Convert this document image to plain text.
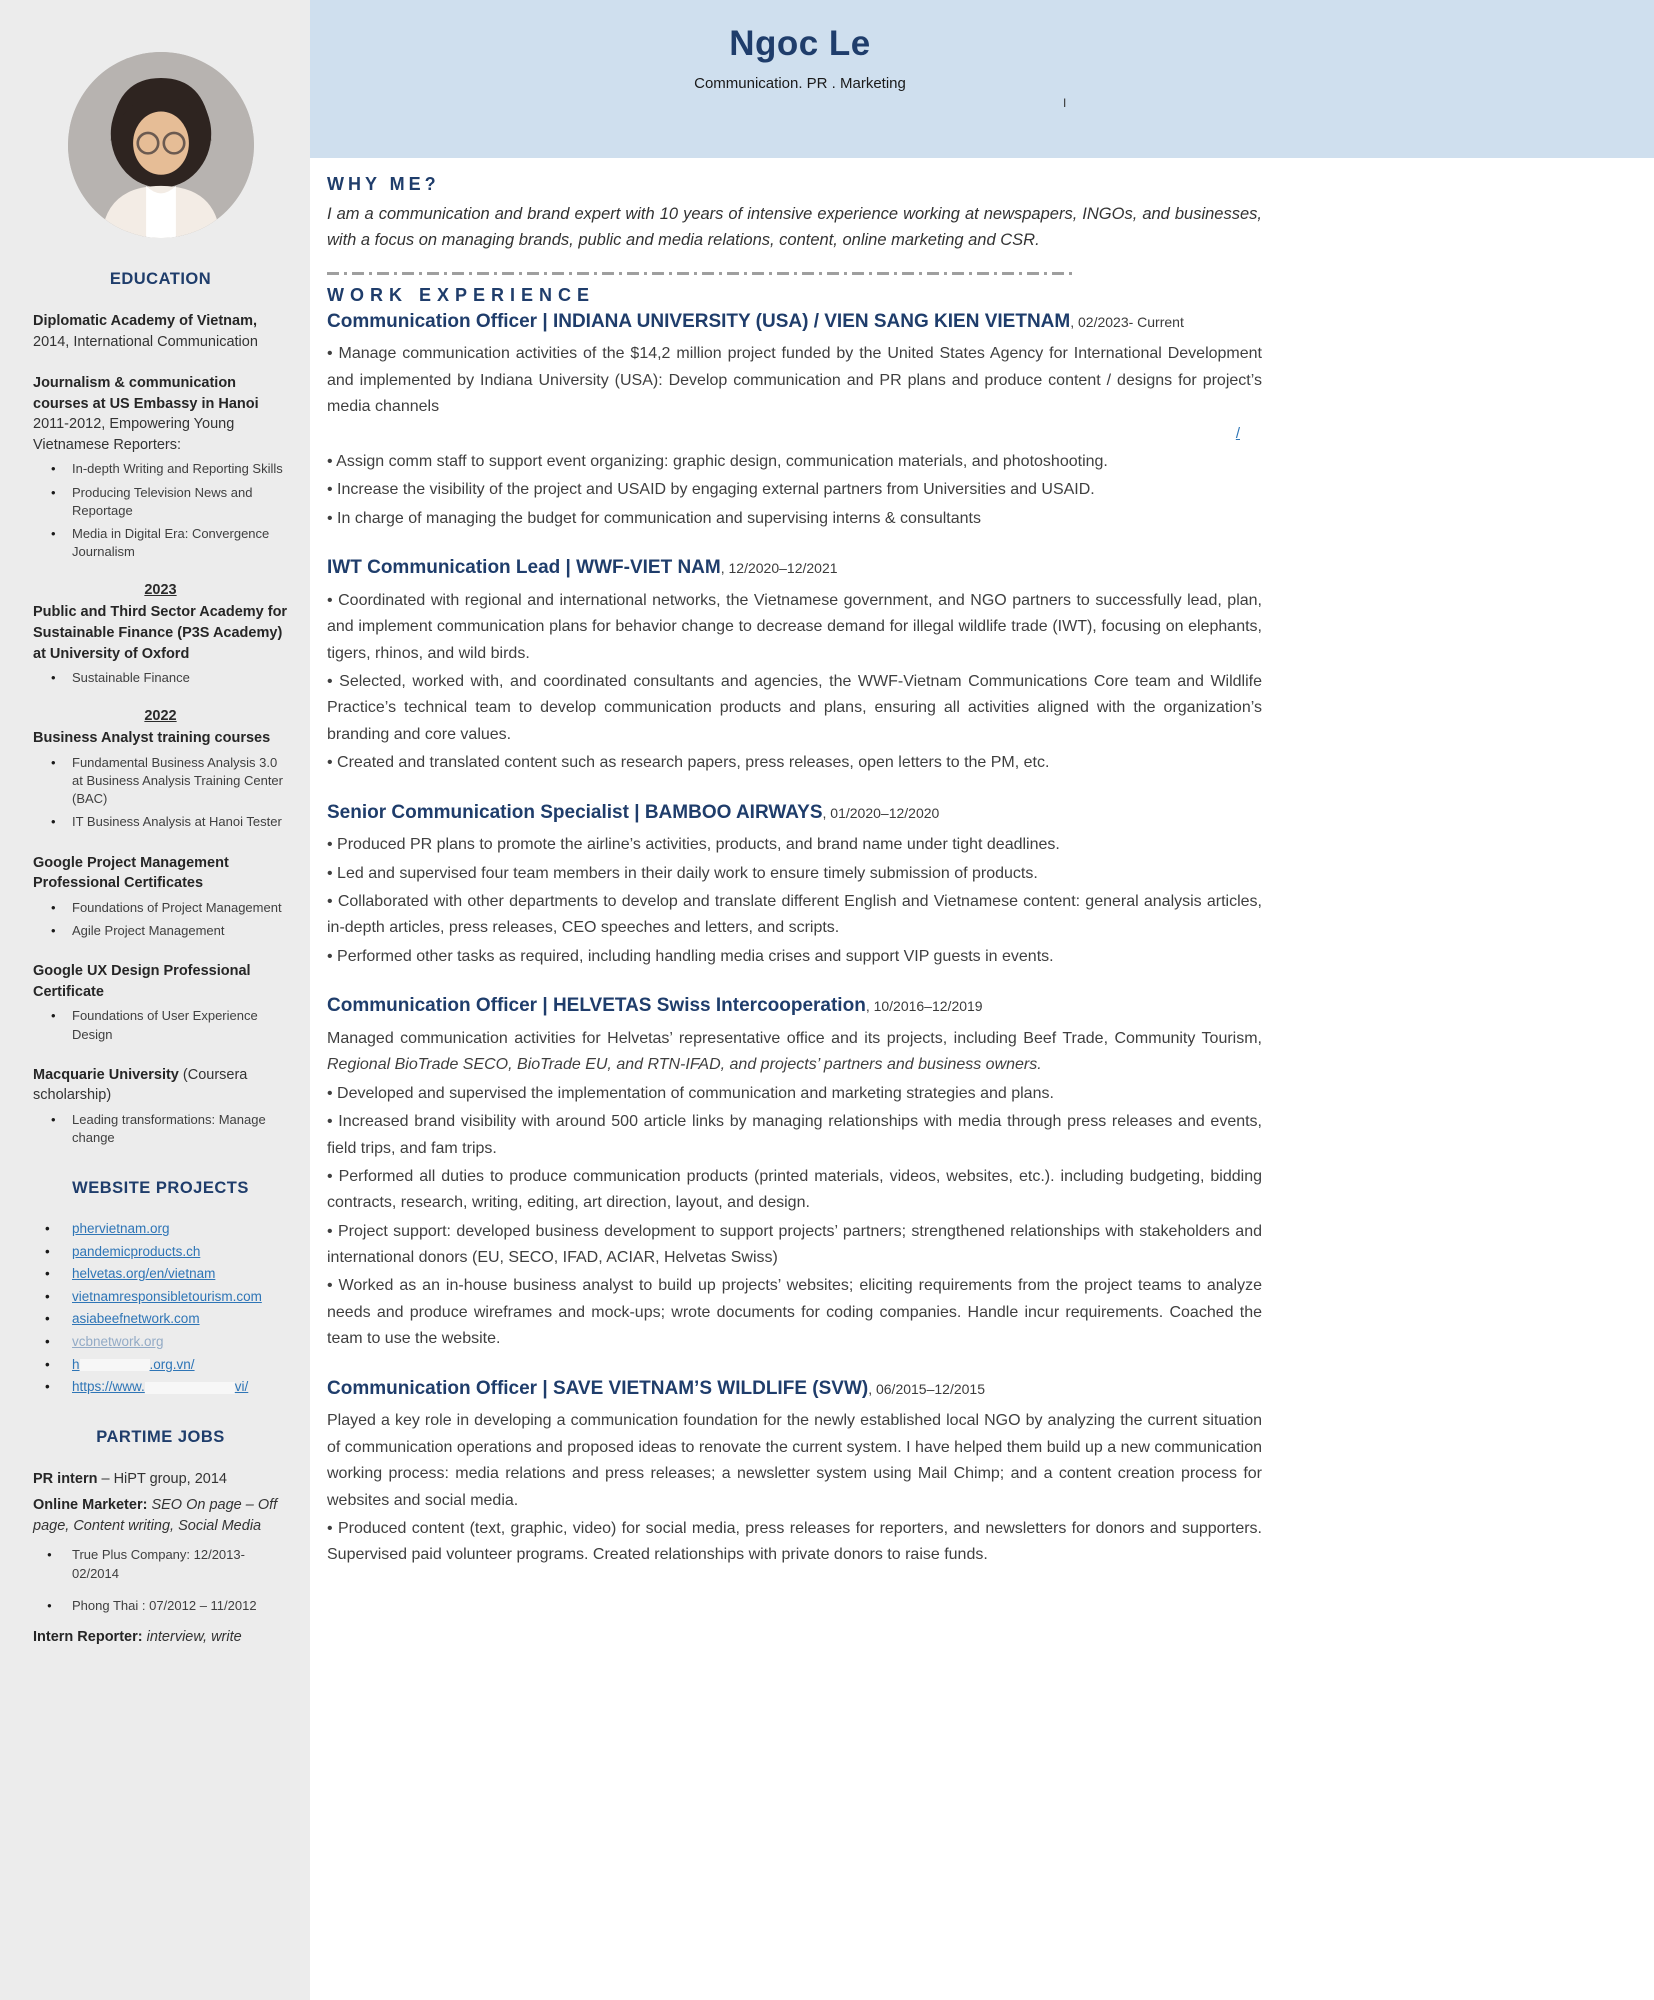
EDUCATION

Diplomatic Academy of Vietnam,
2014, International Communication

Journalism & communication courses at US Embassy in Hanoi
2011-2012, Empowering Young Vietnamese Reporters:

• In-depth Writing and Reporting Skills
• Producing Television News and Reportage
• Media in Digital Era: Convergence Journalism
2023

Public and Third Sector Academy for Sustainable Finance (P3S Academy) at University of Oxford

• Sustainable Finance
2022

Business Analyst training courses

• Fundamental Business Analysis 3.0 at Business Analysis Training Center (BAC)
• IT Business Analysis at Hanoi Tester

Google Project Management Professional Certificates

• Foundations of Project Management
• Agile Project Management

Google UX Design Professional Certificate

• Foundations of User Experience Design

Macquarie University (Coursera scholarship)

• Leading transformations: Manage change
WEBSITE PROJECTS
• phervietnam.org
• pandemicproducts.ch
• helvetas.org/en/vietnam
• vietnamresponsibletourism.com
• asiabeefnetwork.com
• vcbnetwork.org
• h	.org.vn/
• https://www.	vi/
PARTIME JOBS

PR intern – HiPT group, 2014

Online Marketer: SEO On page – Off page, Content writing, Social Media

● True Plus Company: 12/2013-02/2014
● Phong Thai : 07/2012 – 11/2012

Intern Reporter: interview, write

Ngoc Le
Communication. PR . Marketing
I
WHY ME?

I am a communication and brand expert with 10 years of intensive experience working at newspapers, INGOs, and businesses, with a focus on managing brands, public and media relations, content, online marketing and CSR.

WORK EXPERIENCE
Communication Officer | INDIANA UNIVERSITY (USA) / VIEN SANG KIEN VIETNAM, 02/2023- Current

• Manage communication activities of the $14,2 million project funded by the United States Agency for International Development and implemented by Indiana University (USA): Develop communication and PR plans and produce content / designs for project’s media channels

/

• Assign comm staff to support event organizing: graphic design, communication materials, and photoshooting.

• Increase the visibility of the project and USAID by engaging external partners from Universities and USAID.

• In charge of managing the budget for communication and supervising interns & consultants

IWT Communication Lead | WWF-VIET NAM, 12/2020–12/2021

• Coordinated with regional and international networks, the Vietnamese government, and NGO partners to successfully lead, plan, and implement communication plans for behavior change to decrease demand for illegal wildlife trade (IWT), focusing on elephants, tigers, rhinos, and wild birds.

• Selected, worked with, and coordinated consultants and agencies, the WWF-Vietnam Communications Core team and Wildlife Practice’s technical team to develop communication products and plans, ensuring all activities aligned with the organization’s branding and core values.

• Created and translated content such as research papers, press releases, open letters to the PM, etc.

Senior Communication Specialist | BAMBOO AIRWAYS, 01/2020–12/2020

• Produced PR plans to promote the airline’s activities, products, and brand name under tight deadlines.

• Led and supervised four team members in their daily work to ensure timely submission of products.

• Collaborated with other departments to develop and translate different English and Vietnamese content: general analysis articles, in-depth articles, press releases, CEO speeches and letters, and scripts.

• Performed other tasks as required, including handling media crises and support VIP guests in events.

Communication Officer | HELVETAS Swiss Intercooperation, 10/2016–12/2019

Managed communication activities for Helvetas’ representative office and its projects, including Beef Trade, Community Tourism, Regional BioTrade SECO, BioTrade EU, and RTN-IFAD, and projects’ partners and business owners.

• Developed and supervised the implementation of communication and marketing strategies and plans.

• Increased brand visibility with around 500 article links by managing relationships with media through press releases and events, field trips, and fam trips.

• Performed all duties to produce communication products (printed materials, videos, websites, etc.). including budgeting, bidding contracts, research, writing, editing, art direction, layout, and design.

• Project support: developed business development to support projects’ partners; strengthened relationships with stakeholders and international donors (EU, SECO, IFAD, ACIAR, Helvetas Swiss)

• Worked as an in-house business analyst to build up projects’ websites; eliciting requirements from the project teams to analyze needs and produce wireframes and mock-ups; wrote documents for coding companies. Handle incur requirements. Coached the team to use the website.

Communication Officer | SAVE VIETNAM’S WILDLIFE (SVW), 06/2015–12/2015

Played a key role in developing a communication foundation for the newly established local NGO by analyzing the current situation of communication operations and proposed ideas to renovate the current system. I have helped them build up a new communication working process: media relations and press releases; a newsletter system using Mail Chimp; and a content creation process for websites and social media.

• Produced content (text, graphic, video) for social media, press releases for reporters, and newsletters for donors and supporters. Supervised paid volunteer programs. Created relationships with private donors to raise funds.
